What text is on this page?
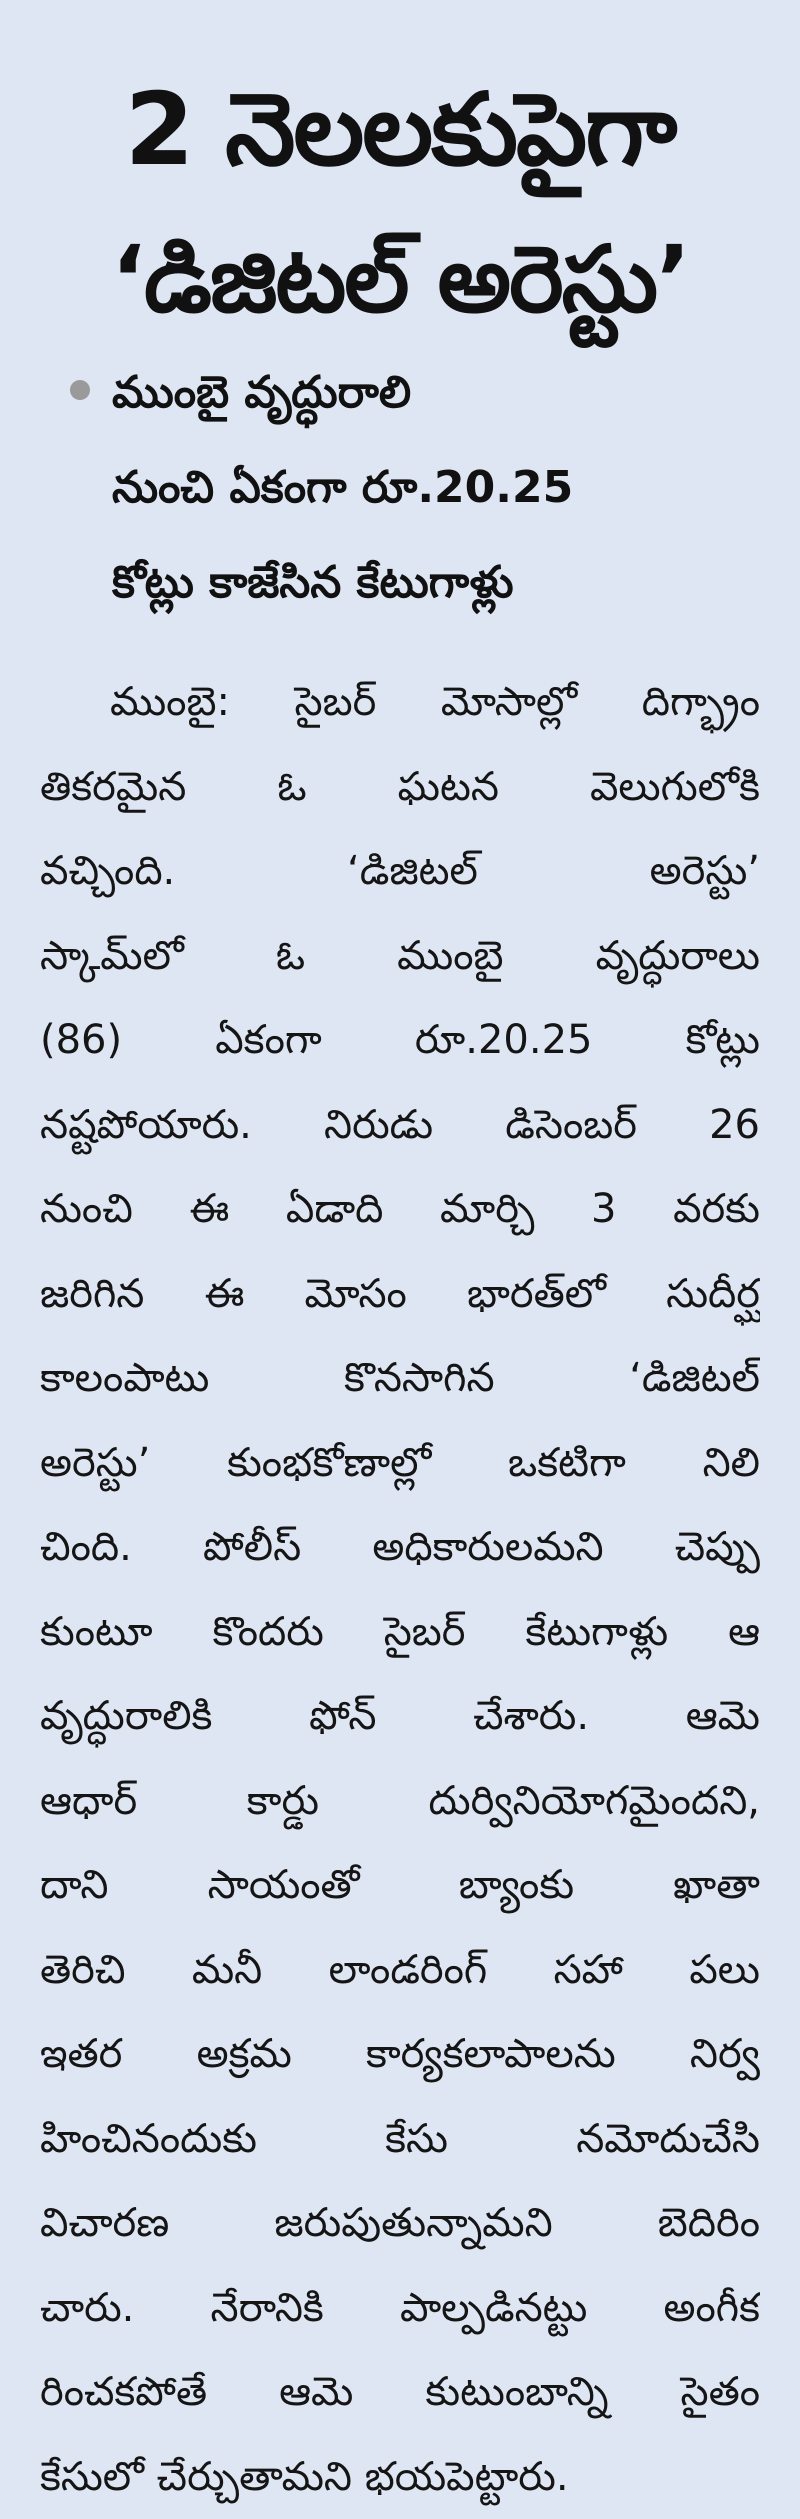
2 నెలలకుపైగా
‘డిజిటల్ అరెస్టు’
ముంబై వృద్ధురాలి
నుంచి ఏకంగా రూ.20.25
కోట్లు కాజేసిన కేటుగాళ్లు
ముంబై: సైబర్ మోసాల్లో దిగ్భ్రాం
తికరమైన ఓ ఘటన వెలుగులోకి
వచ్చింది. ‘డిజిటల్ అరెస్టు’
స్కామ్‌లో ఓ ముంబై వృద్ధురాలు
(86) ఏకంగా రూ.20.25 కోట్లు
నష్టపోయారు. నిరుడు డిసెంబర్ 26
నుంచి ఈ ఏడాది మార్చి 3 వరకు
జరిగిన ఈ మోసం భారత్‌లో సుదీర్ఘ
కాలంపాటు కొనసాగిన ‘డిజిటల్
అరెస్టు’ కుంభకోణాల్లో ఒకటిగా నిలి
చింది. పోలీస్ అధికారులమని చెప్పు
కుంటూ కొందరు సైబర్ కేటుగాళ్లు ఆ
వృద్ధురాలికి ఫోన్ చేశారు. ఆమె
ఆధార్ కార్డు దుర్వినియోగమైందని,
దాని సాయంతో బ్యాంకు ఖాతా
తెరిచి మనీ లాండరింగ్ సహా పలు
ఇతర అక్రమ కార్యకలాపాలను నిర్వ
హించినందుకు కేసు నమోదుచేసి
విచారణ జరుపుతున్నామని బెదిరిం
చారు. నేరానికి పాల్పడినట్టు అంగీక
రించకపోతే ఆమె కుటుంబాన్ని సైతం
కేసులో చేర్చుతామని భయపెట్టారు.
